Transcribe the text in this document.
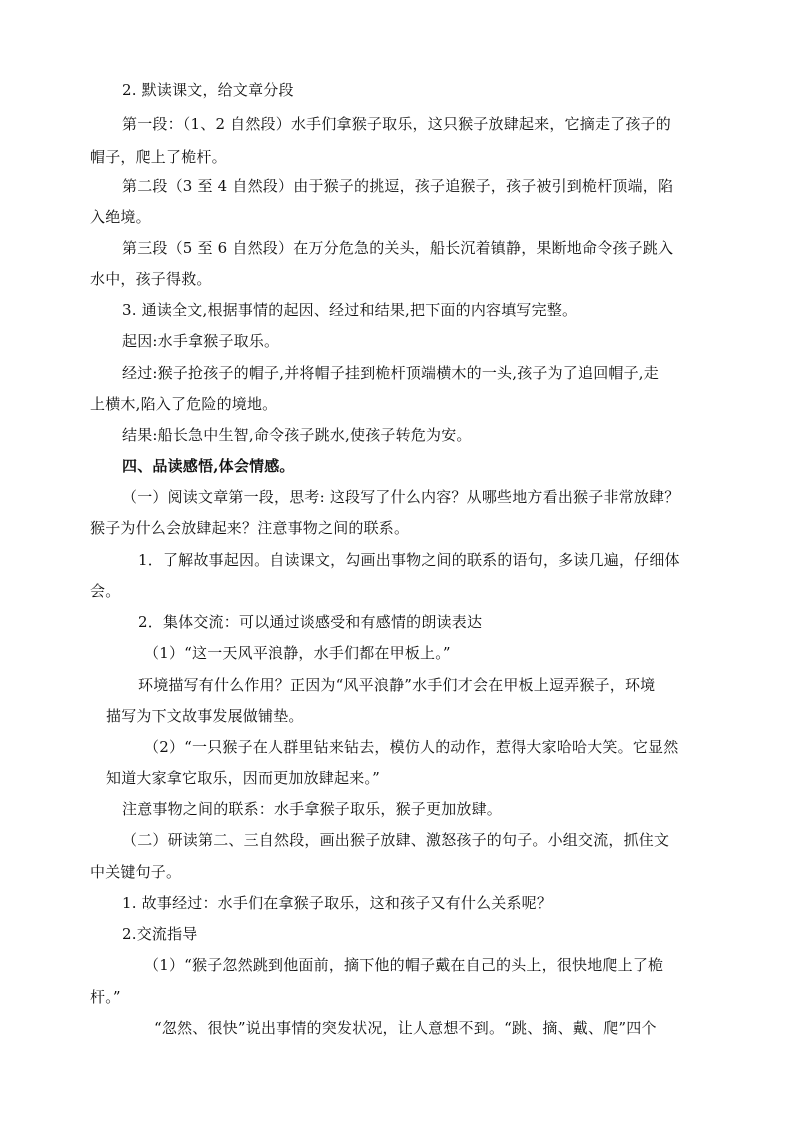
2. 默读课文，给文章分段
第一段：（1、2 自然段）水手们拿猴子取乐，这只猴子放肆起来，它摘走了孩子的
帽子，爬上了桅杆。
第二段（3 至 4 自然段）由于猴子的挑逗，孩子追猴子，孩子被引到桅杆顶端，陷
入绝境。
第三段（5 至 6 自然段）在万分危急的关头，船长沉着镇静，果断地命令孩子跳入
水中，孩子得救。
3. 通读全文,根据事情的起因、经过和结果,把下面的内容填写完整。
起因:水手拿猴子取乐。
经过:猴子抢孩子的帽子,并将帽子挂到桅杆顶端横木的一头,孩子为了追回帽子,走
上横木,陷入了危险的境地。
结果:船长急中生智,命令孩子跳水,使孩子转危为安。
四、品读感悟,体会情感。
（一）阅读文章第一段，思考: 这段写了什么内容？从哪些地方看出猴子非常放肆？
猴子为什么会放肆起来？注意事物之间的联系。
1．了解故事起因。自读课文，勾画出事物之间的联系的语句，多读几遍，仔细体
会。
2．集体交流：可以通过谈感受和有感情的朗读表达
（1）“这一天风平浪静，水手们都在甲板上。”
环境描写有什么作用？正因为“风平浪静”水手们才会在甲板上逗弄猴子，环境
描写为下文故事发展做铺垫。
（2）“一只猴子在人群里钻来钻去，模仿人的动作，惹得大家哈哈大笑。它显然
知道大家拿它取乐，因而更加放肆起来。”
注意事物之间的联系：水手拿猴子取乐，猴子更加放肆。
（二）研读第二、三自然段，画出猴子放肆、激怒孩子的句子。小组交流，抓住文
中关键句子。
1. 故事经过：水手们在拿猴子取乐，这和孩子又有什么关系呢？
2.交流指导
（1）“猴子忽然跳到他面前，摘下他的帽子戴在自己的头上，很快地爬上了桅
杆。”
“忽然、很快”说出事情的突发状况，让人意想不到。“跳、摘、戴、爬”四个
